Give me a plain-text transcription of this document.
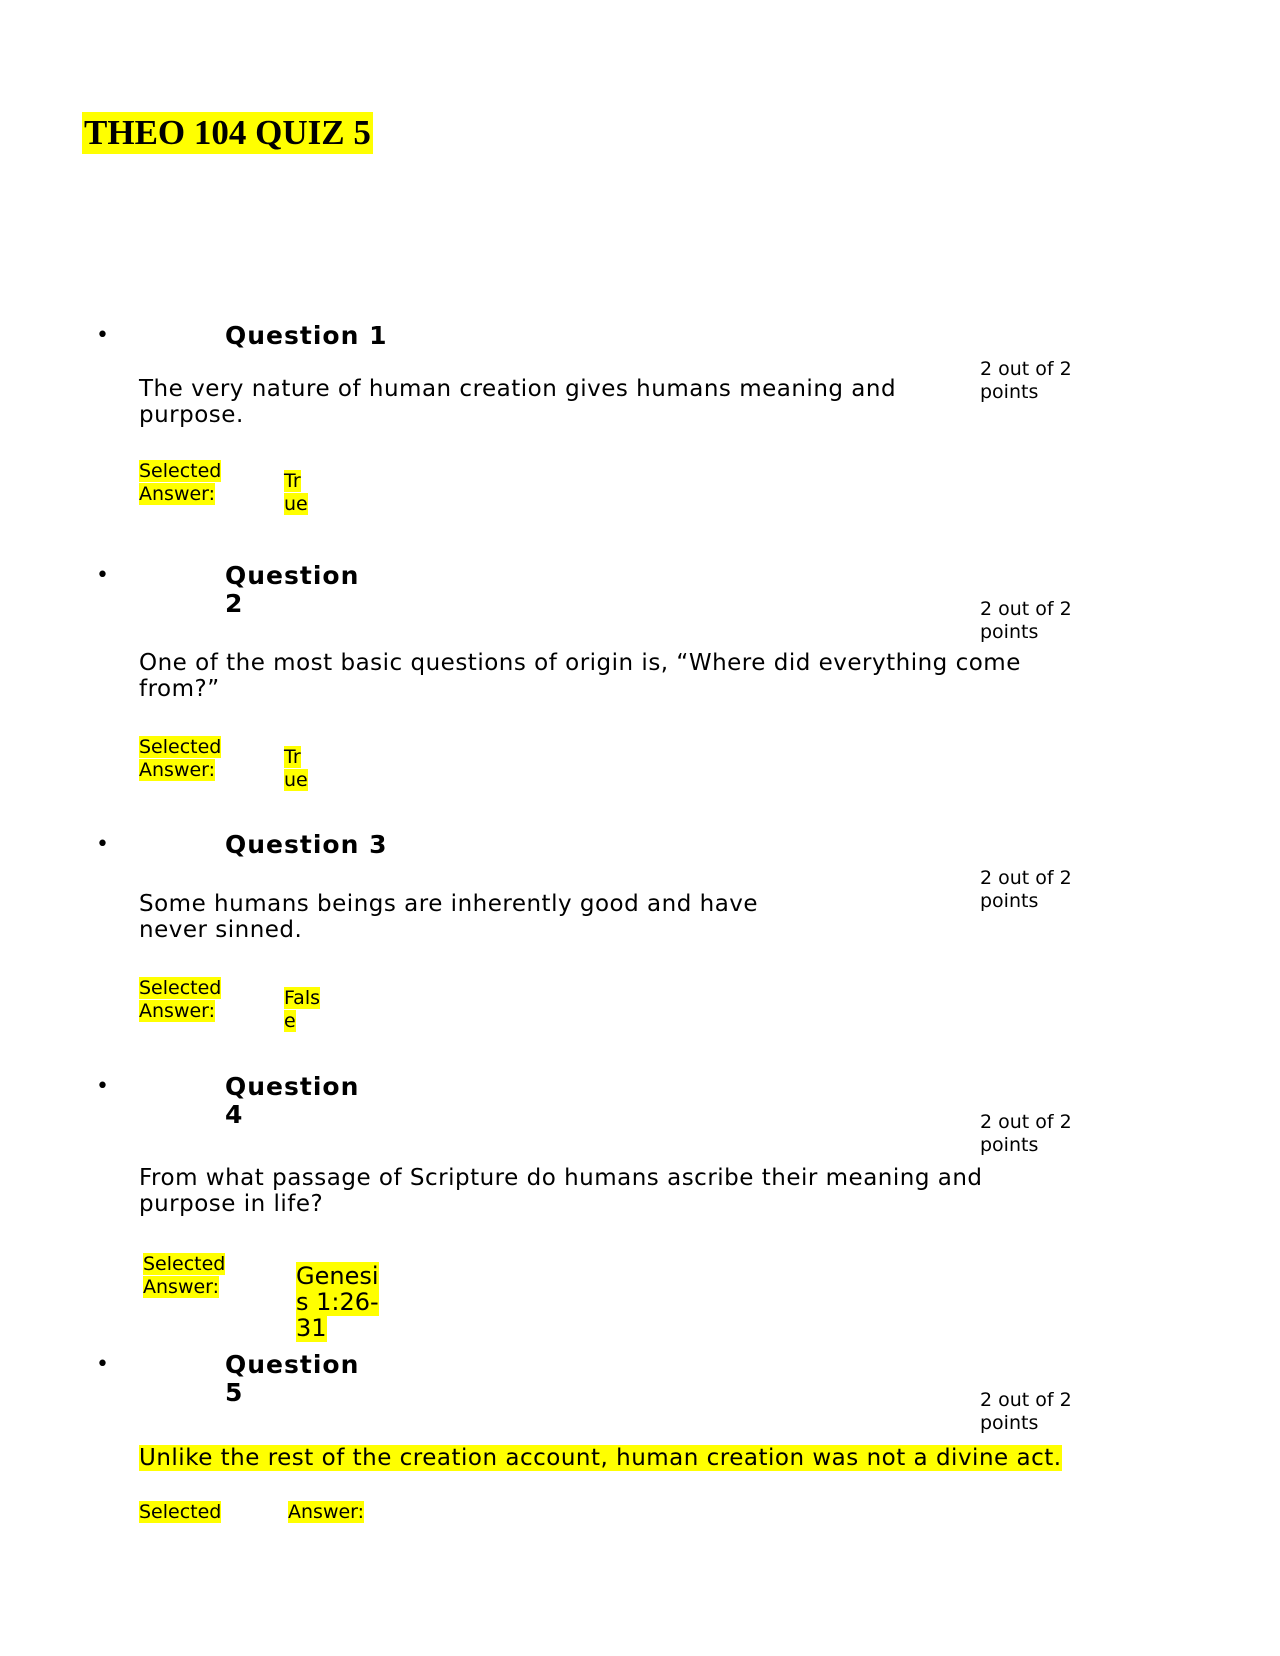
THEO 104 QUIZ 5
•	Question 1
2 out of 2 points
The very nature of human creation gives humans meaning and purpose.
Selected Answer:
True
•	Question 2	2 out of 2 points
One of the most basic questions of origin is, “Where did everything come from?”
Selected Answer:
True
•	Question 3
2 out of 2 points
Some humans beings are inherently good and have never sinned.
Selected Answer:
False
•	Question 4	2 out of 2 points
From what passage of Scripture do humans ascribe their meaning and purpose in life?
Selected Answer:	Genesis 1:26-31
•	Question 5	2 out of 2 points
Unlike the rest of the creation account, human creation was not a divine act.
Selected	Answer:
